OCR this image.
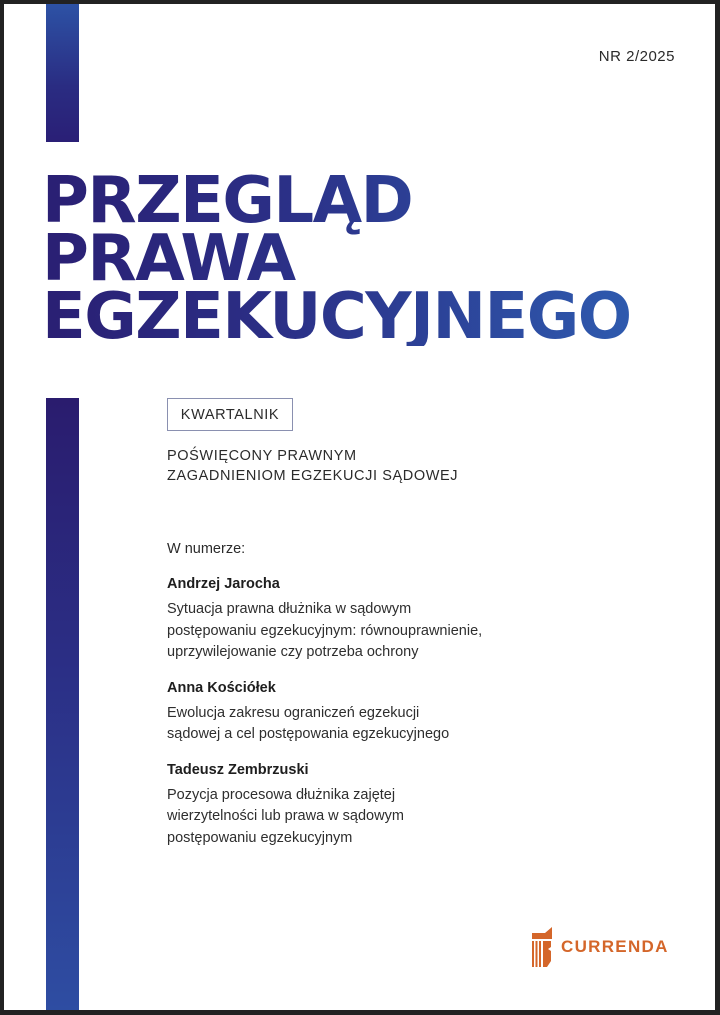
NR 2/2025
PRZEGLĄD
PRAWA
EGZEKUCYJNEGO
KWARTALNIK
POŚWIĘCONY PRAWNYM
ZAGADNIENIOM EGZEKUCJI SĄDOWEJ
W numerze:
Andrzej Jarocha
Sytuacja prawna dłużnika w sądowym
postępowaniu egzekucyjnym: równouprawnienie,
uprzywilejowanie czy potrzeba ochrony
Anna Kościółek
Ewolucja zakresu ograniczeń egzekucji
sądowej a cel postępowania egzekucyjnego
Tadeusz Zembrzuski
Pozycja procesowa dłużnika zajętej
wierzytelności lub prawa w sądowym
postępowaniu egzekucyjnym
CURRENDA
